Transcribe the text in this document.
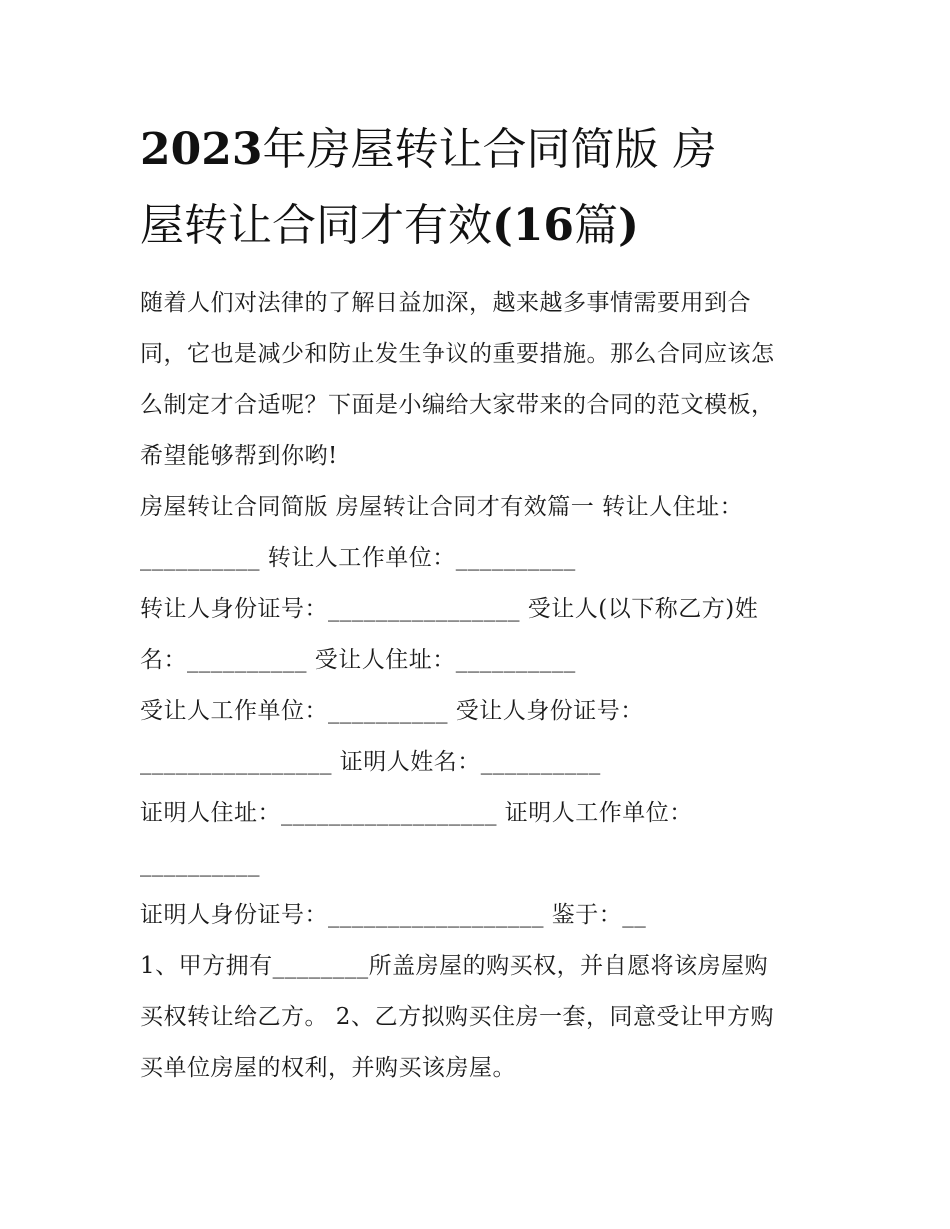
2023年房屋转让合同简版 房
屋转让合同才有效(16篇)
随着人们对法律的了解日益加深，越来越多事情需要用到合
同，它也是减少和防止发生争议的重要措施。那么合同应该怎
么制定才合适呢？下面是小编给大家带来的合同的范文模板，
希望能够帮到你哟!
房屋转让合同简版 房屋转让合同才有效篇一 转让人住址：
__________ 转让人工作单位：__________
转让人身份证号：________________ 受让人(以下称乙方)姓
名：__________ 受让人住址：__________
受让人工作单位：__________ 受让人身份证号：
________________ 证明人姓名：__________
证明人住址：__________________ 证明人工作单位：
__________
证明人身份证号：__________________ 鉴于：__
1、甲方拥有________所盖房屋的购买权，并自愿将该房屋购
买权转让给乙方。 2、乙方拟购买住房一套，同意受让甲方购
买单位房屋的权利，并购买该房屋。
